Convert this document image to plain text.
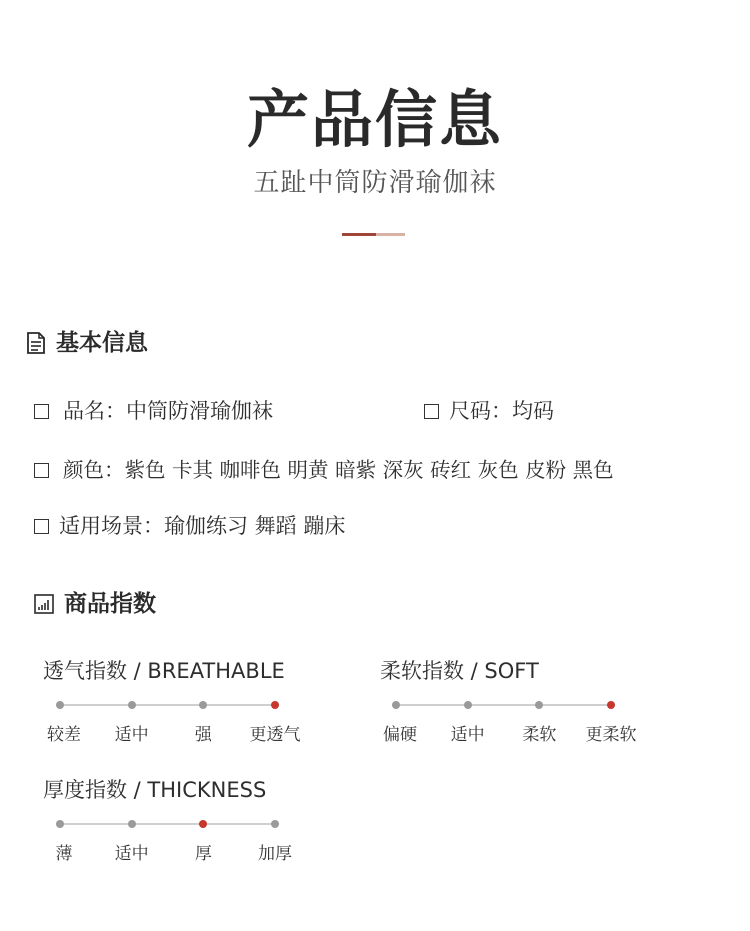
产品信息
五趾中筒防滑瑜伽袜
基本信息
品名：中筒防滑瑜伽袜	尺码：均码
颜色：紫色 卡其 咖啡色 明黄 暗紫 深灰 砖红 灰色 皮粉 黑色
适用场景：瑜伽练习 舞蹈 蹦床
商品指数
透气指数 / BREATHABLE
较差 适中	强 更透气
柔软指数 / SOFT
偏硬 适中 柔软 更柔软
厚度指数 / THICKNESS
薄 适中	厚	加厚
